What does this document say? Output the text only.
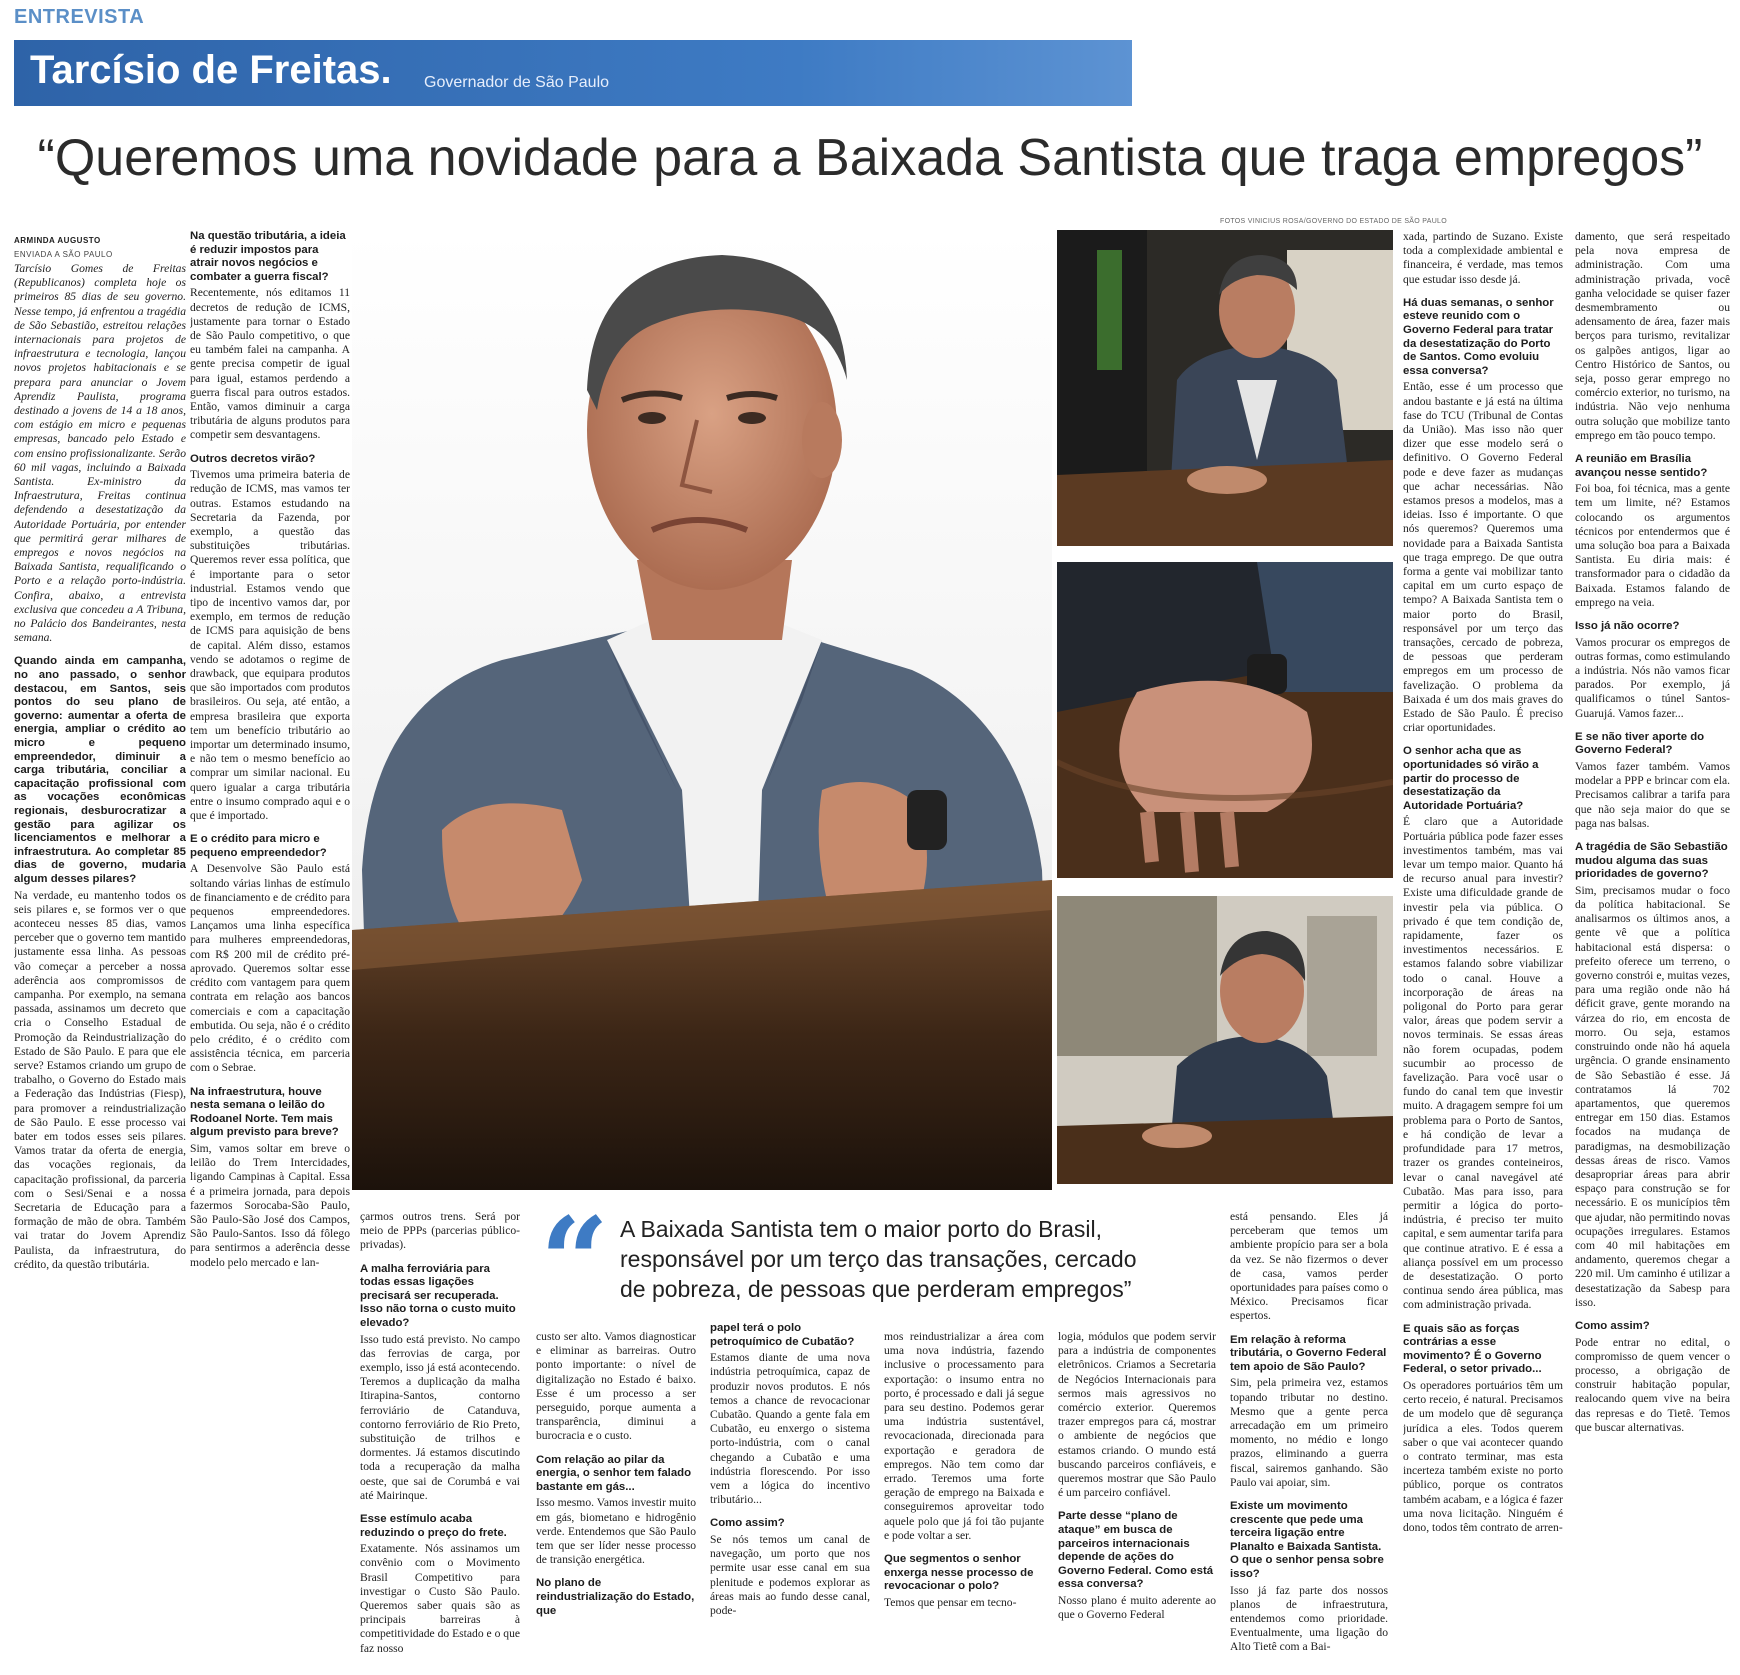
ENTREVISTA
Tarcísio de Freitas. Governador de São Paulo
“Queremos uma novidade para a Baixada Santista que traga empregos”
ARMINDA AUGUSTO
ENVIADA A SÃO PAULO
FOTOS VINICIUS ROSA/GOVERNO DO ESTADO DE SÃO PAULO

Tarcísio Gomes de Freitas (Republicanos) completa hoje os primeiros 85 dias de seu governo. Nesse tempo, já enfrentou a tragédia de São Sebastião, estreitou relações internacionais para projetos de infraestrutura e tecnologia, lançou novos projetos habitacionais e se prepara para anunciar o Jovem Aprendiz Paulista, programa destinado a jovens de 14 a 18 anos, com estágio em micro e pequenas empresas, bancado pelo Estado e com ensino profissionalizante. Serão 60 mil vagas, incluindo a Baixada Santista. Ex-ministro da Infraestrutura, Freitas continua defendendo a desestatização da Autoridade Portuária, por entender que permitirá gerar milhares de empregos e novos negócios na Baixada Santista, requalificando o Porto e a relação porto-indústria. Confira, abaixo, a entrevista exclusiva que concedeu a A Tribuna, no Palácio dos Bandeirantes, nesta semana.

Quando ainda em campanha, no ano passado, o senhor destacou, em Santos, seis pontos do seu plano de governo: aumentar a oferta de energia, ampliar o crédito ao micro e pequeno empreendedor, diminuir a carga tributária, conciliar a capacitação profissional com as vocações econômicas regionais, desburocratizar a gestão para agilizar os licenciamentos e melhorar a infraestrutura. Ao completar 85 dias de governo, mudaria algum desses pilares?

Na verdade, eu mantenho todos os seis pilares e, se formos ver o que aconteceu nesses 85 dias, vamos perceber que o governo tem mantido justamente essa linha. As pessoas vão começar a perceber a nossa aderência aos compromissos de campanha. Por exemplo, na semana passada, assinamos um decreto que cria o Conselho Estadual de Promoção da Reindustrialização do Estado de São Paulo. E para que ele serve? Estamos criando um grupo de trabalho, o Governo do Estado mais a Federação das Indústrias (Fiesp), para promover a reindustrialização de São Paulo. E esse processo vai bater em todos esses seis pilares. Vamos tratar da oferta de energia, das vocações regionais, da capacitação profissional, da parceria com o Sesi/Senai e a nossa Secretaria de Educação para a formação de mão de obra. Também vai tratar do Jovem Aprendiz Paulista, da infraestrutura, do crédito, da questão tributária.

Na questão tributária, a ideia é reduzir impostos para atrair novos negócios e combater a guerra fiscal?

Recentemente, nós editamos 11 decretos de redução de ICMS, justamente para tornar o Estado de São Paulo competitivo, o que eu também falei na campanha. A gente precisa competir de igual para igual, estamos perdendo a guerra fiscal para outros estados. Então, vamos diminuir a carga tributária de alguns produtos para competir sem desvantagens.

Outros decretos virão?

Tivemos uma primeira bateria de redução de ICMS, mas vamos ter outras. Estamos estudando na Secretaria da Fazenda, por exemplo, a questão das substituições tributárias. Queremos rever essa política, que é importante para o setor industrial. Estamos vendo que tipo de incentivo vamos dar, por exemplo, em termos de redução de ICMS para aquisição de bens de capital. Além disso, estamos vendo se adotamos o regime de drawback, que equipara produtos que são importados com produtos brasileiros. Ou seja, até então, a empresa brasileira que exporta tem um benefício tributário ao importar um determinado insumo, e não tem o mesmo benefício ao comprar um similar nacional. Eu quero igualar a carga tributária entre o insumo comprado aqui e o que é importado.

E o crédito para micro e pequeno empreendedor?

A Desenvolve São Paulo está soltando várias linhas de estímulo de financiamento e de crédito para pequenos empreendedores. Lançamos uma linha específica para mulheres empreendedoras, com R$ 200 mil de crédito pré-aprovado. Queremos soltar esse crédito com vantagem para quem contrata em relação aos bancos comerciais e com a capacitação embutida. Ou seja, não é o crédito pelo crédito, é o crédito com assistência técnica, em parceria com o Sebrae.

Na infraestrutura, houve nesta semana o leilão do Rodoanel Norte. Tem mais algum previsto para breve?

Sim, vamos soltar em breve o leilão do Trem Intercidades, ligando Campinas à Capital. Essa é a primeira jornada, para depois fazermos Sorocaba-São Paulo, São Paulo-São José dos Campos, São Paulo-Santos. Isso dá fôlego para sentirmos a aderência desse modelo pelo mercado e lan- “ A Baixada Santista tem o maior porto do Brasil, responsável por um terço das transações, cercado de pobreza, de pessoas que perderam empregos”

çarmos outros trens. Será por meio de PPPs (parcerias público-privadas).

A malha ferroviária para todas essas ligações precisará ser recuperada. Isso não torna o custo muito elevado?

Isso tudo está previsto. No campo das ferrovias de carga, por exemplo, isso já está acontecendo. Teremos a duplicação da malha Itirapina-Santos, contorno ferroviário de Catanduva, contorno ferroviário de Rio Preto, substituição de trilhos e dormentes. Já estamos discutindo toda a recuperação da malha oeste, que sai de Corumbá e vai até Mairinque.

Esse estímulo acaba reduzindo o preço do frete.

Exatamente. Nós assinamos um convênio com o Movimento Brasil Competitivo para investigar o Custo São Paulo. Queremos saber quais são as principais barreiras à competitividade do Estado e o que faz nosso

custo ser alto. Vamos diagnosticar e eliminar as barreiras. Outro ponto importante: o nível de digitalização no Estado é baixo. Esse é um processo a ser perseguido, porque aumenta a transparência, diminui a burocracia e o custo.

Com relação ao pilar da energia, o senhor tem falado bastante em gás...

Isso mesmo. Vamos investir muito em gás, biometano e hidrogênio verde. Entendemos que São Paulo tem que ser líder nesse processo de transição energética.

No plano de reindustrialização do Estado, que

papel terá o polo petroquímico de Cubatão?

Estamos diante de uma nova indústria petroquímica, capaz de produzir novos produtos. E nós temos a chance de revocacionar Cubatão. Quando a gente fala em Cubatão, eu enxergo o sistema porto-indústria, com o canal chegando a Cubatão e uma indústria florescendo. Por isso vem a lógica do incentivo tributário...

Como assim?

Se nós temos um canal de navegação, um porto que nos permite usar esse canal em sua plenitude e podemos explorar as áreas mais ao fundo desse canal, pode-

mos reindustrializar a área com uma nova indústria, fazendo inclusive o processamento para exportação: o insumo entra no porto, é processado e dali já segue para seu destino. Podemos gerar uma indústria sustentável, revocacionada, direcionada para exportação e geradora de empregos. Não tem como dar errado. Teremos uma forte geração de emprego na Baixada e conseguiremos aproveitar todo aquele polo que já foi tão pujante e pode voltar a ser.

Que segmentos o senhor enxerga nesse processo de revocacionar o polo?

Temos que pensar em tecno-

logia, módulos que podem servir para a indústria de componentes eletrônicos. Criamos a Secretaria de Negócios Internacionais para sermos mais agressivos no comércio exterior. Queremos trazer empregos para cá, mostrar o ambiente de negócios que estamos criando. O mundo está buscando parceiros confiáveis, e queremos mostrar que São Paulo é um parceiro confiável.

Parte desse “plano de ataque” em busca de parceiros internacionais depende de ações do Governo Federal. Como está essa conversa?

Nosso plano é muito aderente ao que o Governo Federal

está pensando. Eles já perceberam que temos um ambiente propício para ser a bola da vez. Se não fizermos o dever de casa, vamos perder oportunidades para países como o México. Precisamos ficar espertos.

Em relação à reforma tributária, o Governo Federal tem apoio de São Paulo?

Sim, pela primeira vez, estamos topando tributar no destino. Mesmo que a gente perca arrecadação em um primeiro momento, no médio e longo prazos, eliminando a guerra fiscal, sairemos ganhando. São Paulo vai apoiar, sim.

Existe um movimento crescente que pede uma terceira ligação entre Planalto e Baixada Santista. O que o senhor pensa sobre isso?

Isso já faz parte dos nossos planos de infraestrutura, entendemos como prioridade. Eventualmente, uma ligação do Alto Tietê com a Bai-

xada, partindo de Suzano. Existe toda a complexidade ambiental e financeira, é verdade, mas temos que estudar isso desde já.

Há duas semanas, o senhor esteve reunido com o Governo Federal para tratar da desestatização do Porto de Santos. Como evoluiu essa conversa?

Então, esse é um processo que andou bastante e já está na última fase do TCU (Tribunal de Contas da União). Mas isso não quer dizer que esse modelo será o definitivo. O Governo Federal pode e deve fazer as mudanças que achar necessárias. Não estamos presos a modelos, mas a ideias. Isso é importante. O que nós queremos? Queremos uma novidade para a Baixada Santista que traga emprego. De que outra forma a gente vai mobilizar tanto capital em um curto espaço de tempo? A Baixada Santista tem o maior porto do Brasil, responsável por um terço das transações, cercado de pobreza, de pessoas que perderam empregos em um processo de favelização. O problema da Baixada é um dos mais graves do Estado de São Paulo. É preciso criar oportunidades.

O senhor acha que as oportunidades só virão a partir do processo de desestatização da Autoridade Portuária?

É claro que a Autoridade Portuária pública pode fazer esses investimentos também, mas vai levar um tempo maior. Quanto há de recurso anual para investir? Existe uma dificuldade grande de investir pela via pública. O privado é que tem condição de, rapidamente, fazer os investimentos necessários. E estamos falando sobre viabilizar todo o canal. Houve a incorporação de áreas na poligonal do Porto para gerar valor, áreas que podem servir a novos terminais. Se essas áreas não forem ocupadas, podem sucumbir ao processo de favelização. Para você usar o fundo do canal tem que investir muito. A dragagem sempre foi um problema para o Porto de Santos, e há condição de levar a profundidade para 17 metros, trazer os grandes conteineiros, levar o canal navegável até Cubatão. Mas para isso, para permitir a lógica do porto-indústria, é preciso ter muito capital, e sem aumentar tarifa para que continue atrativo. E é essa a aliança possível em um processo de desestatização. O porto continua sendo área pública, mas com administração privada.

E quais são as forças contrárias a esse movimento? É o Governo Federal, o setor privado...

Os operadores portuários têm um certo receio, é natural. Precisamos de um modelo que dê segurança jurídica a eles. Todos querem saber o que vai acontecer quando o contrato terminar, mas esta incerteza também existe no porto público, porque os contratos também acabam, e a lógica é fazer uma nova licitação. Ninguém é dono, todos têm contrato de arren-

damento, que será respeitado pela nova empresa de administração. Com uma administração privada, você ganha velocidade se quiser fazer desmembramento ou adensamento de área, fazer mais berços para turismo, revitalizar os galpões antigos, ligar ao Centro Histórico de Santos, ou seja, posso gerar emprego no comércio exterior, no turismo, na indústria. Não vejo nenhuma outra solução que mobilize tanto emprego em tão pouco tempo.

A reunião em Brasília avançou nesse sentido?

Foi boa, foi técnica, mas a gente tem um limite, né? Estamos colocando os argumentos técnicos por entendermos que é uma solução boa para a Baixada Santista. Eu diria mais: é transformador para o cidadão da Baixada. Estamos falando de emprego na veia.

Isso já não ocorre?

Vamos procurar os empregos de outras formas, como estimulando a indústria. Nós não vamos ficar parados. Por exemplo, já qualificamos o túnel Santos-Guarujá. Vamos fazer...

E se não tiver aporte do Governo Federal?

Vamos fazer também. Vamos modelar a PPP e brincar com ela. Precisamos calibrar a tarifa para que não seja maior do que se paga nas balsas.

A tragédia de São Sebastião mudou alguma das suas prioridades de governo?

Sim, precisamos mudar o foco da política habitacional. Se analisarmos os últimos anos, a gente vê que a política habitacional está dispersa: o prefeito oferece um terreno, o governo constrói e, muitas vezes, para uma região onde não há déficit grave, gente morando na várzea do rio, em encosta de morro. Ou seja, estamos construindo onde não há aquela urgência. O grande ensinamento de São Sebastião é esse. Já contratamos lá 702 apartamentos, que queremos entregar em 150 dias. Estamos focados na mudança de paradigmas, na desmobilização dessas áreas de risco. Vamos desapropriar áreas para abrir espaço para construção se for necessário. E os municípios têm que ajudar, não permitindo novas ocupações irregulares. Estamos com 40 mil habitações em andamento, queremos chegar a 220 mil. Um caminho é utilizar a desestatização da Sabesp para isso.

Como assim?

Pode entrar no edital, o compromisso de quem vencer o processo, a obrigação de construir habitação popular, realocando quem vive na beira das represas e do Tietê. Temos que buscar alternativas.
